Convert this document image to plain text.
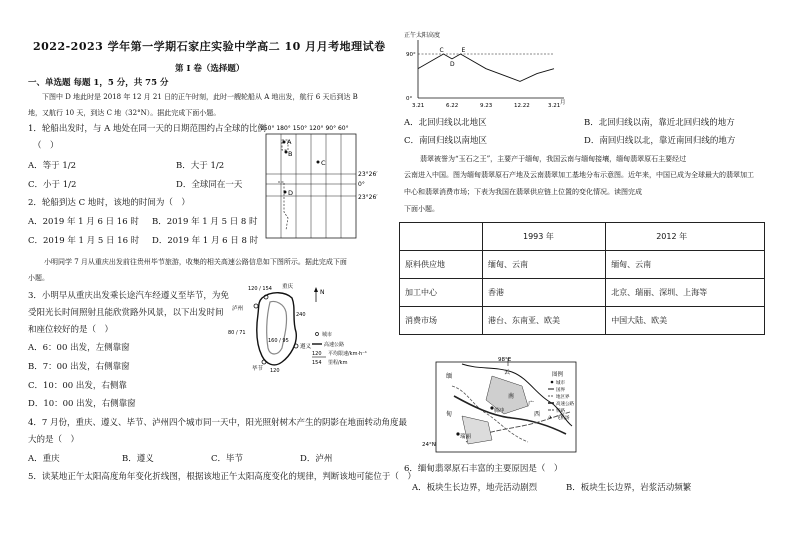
2022-2023 学年第一学期石家庄实验中学高二 10 月月考地理试卷
第 I 卷（选择题）
一、单选题 每题 1，5 分，共 75 分
下图中 D 地此时是 2018 年 12 月 21 日的正午时刻，此时一艘轮船从 A 地出发，航行 6 天后到达 B
地，又航行 10 天，到达 C 地（32°N）。据此完成下面小题。
1．轮船出发时，与 A 地处在同一天的日期范围约占全球的比例
（　）
A．等于 1/2	B．大于 1/2
C．小于 1/2	D．全球同在一天
2．轮船到达 C 地时，该地的时间为（　）
A．2019 年 1 月 6 日 16 时 B．2019 年 1 月 5 日 8 时
C．2019 年 1 月 5 日 16 时 D．2019 年 1 月 6 日 8 时
150° 180° 150° 120° 90° 60°
A
B
C
D
23°26′
0°
23°26′
小明同学 7 月从重庆出发前往贵州毕节旅游，收集的相关高速公路信息如下图所示。据此完成下面
小题。
3．小明早从重庆出发乘长途汽车经遵义至毕节，为免
受阳光长时间照射且能欣赏路外风景，以下出发时间
和座位较好的是（　）
A．6：00 出发，左侧靠窗
B．7：00 出发，右侧靠窗
C．10：00 出发，右侧靠
D．10：00 出发，右侧靠窗
重庆
泸州
遵义
毕节
120 / 154
240
80 / 71
160 / 95
120
N
城市
高速公路
120 平均限速/km·h⁻¹
154 里程/km
4．7 月份，重庆、遵义、毕节、泸州四个城市同一天中，阳光照射树木产生的阴影在地面转动角度最
大的是（　）
A．重庆	B．遵义	C．毕节	D．泸州
5．读某地正午太阳高度角年变化折线图，根据该地正午太阳高度变化的规律，判断该地可能位于（　）
正午太阳高度
3.21	6.22	9.23	12.22	3.21 月
90°
0°
C	E
D
A．北回归线以北地区	B．北回归线以南，靠近北回归线的地方
C．南回归线以南地区	D．南回归线以北，靠近南回归线的地方
翡翠被誉为“玉石之王”，主要产于缅甸，我国云南与缅甸接壤，缅甸翡翠原石主要经过
云南进入中国。图为缅甸翡翠原石产地及云南翡翠加工基地分布示意图。近年来，中国已成为全球最大的翡翠加工
中心和翡翠消费市场；下表为我国在翡翠供应链上位置的变化情况。读图完成
下面小题。
	1993 年	2012 年
原料供应地	缅甸、云南	缅甸、云南
加工中心	香港	北京、瑞丽、深圳、上海等
消费市场	港台、东南亚、欧美	中国大陆、欧美
98°E
24°N
缅
甸
云
南
广
西
瑞丽
腾冲
图例
城市
国界
地区界
高速公路
铁路
✈ 飞机场
6．缅甸翡翠原石丰富的主要原因是（　）
A．板块生长边界，地壳活动剧烈	B．板块生长边界，岩浆活动频繁
